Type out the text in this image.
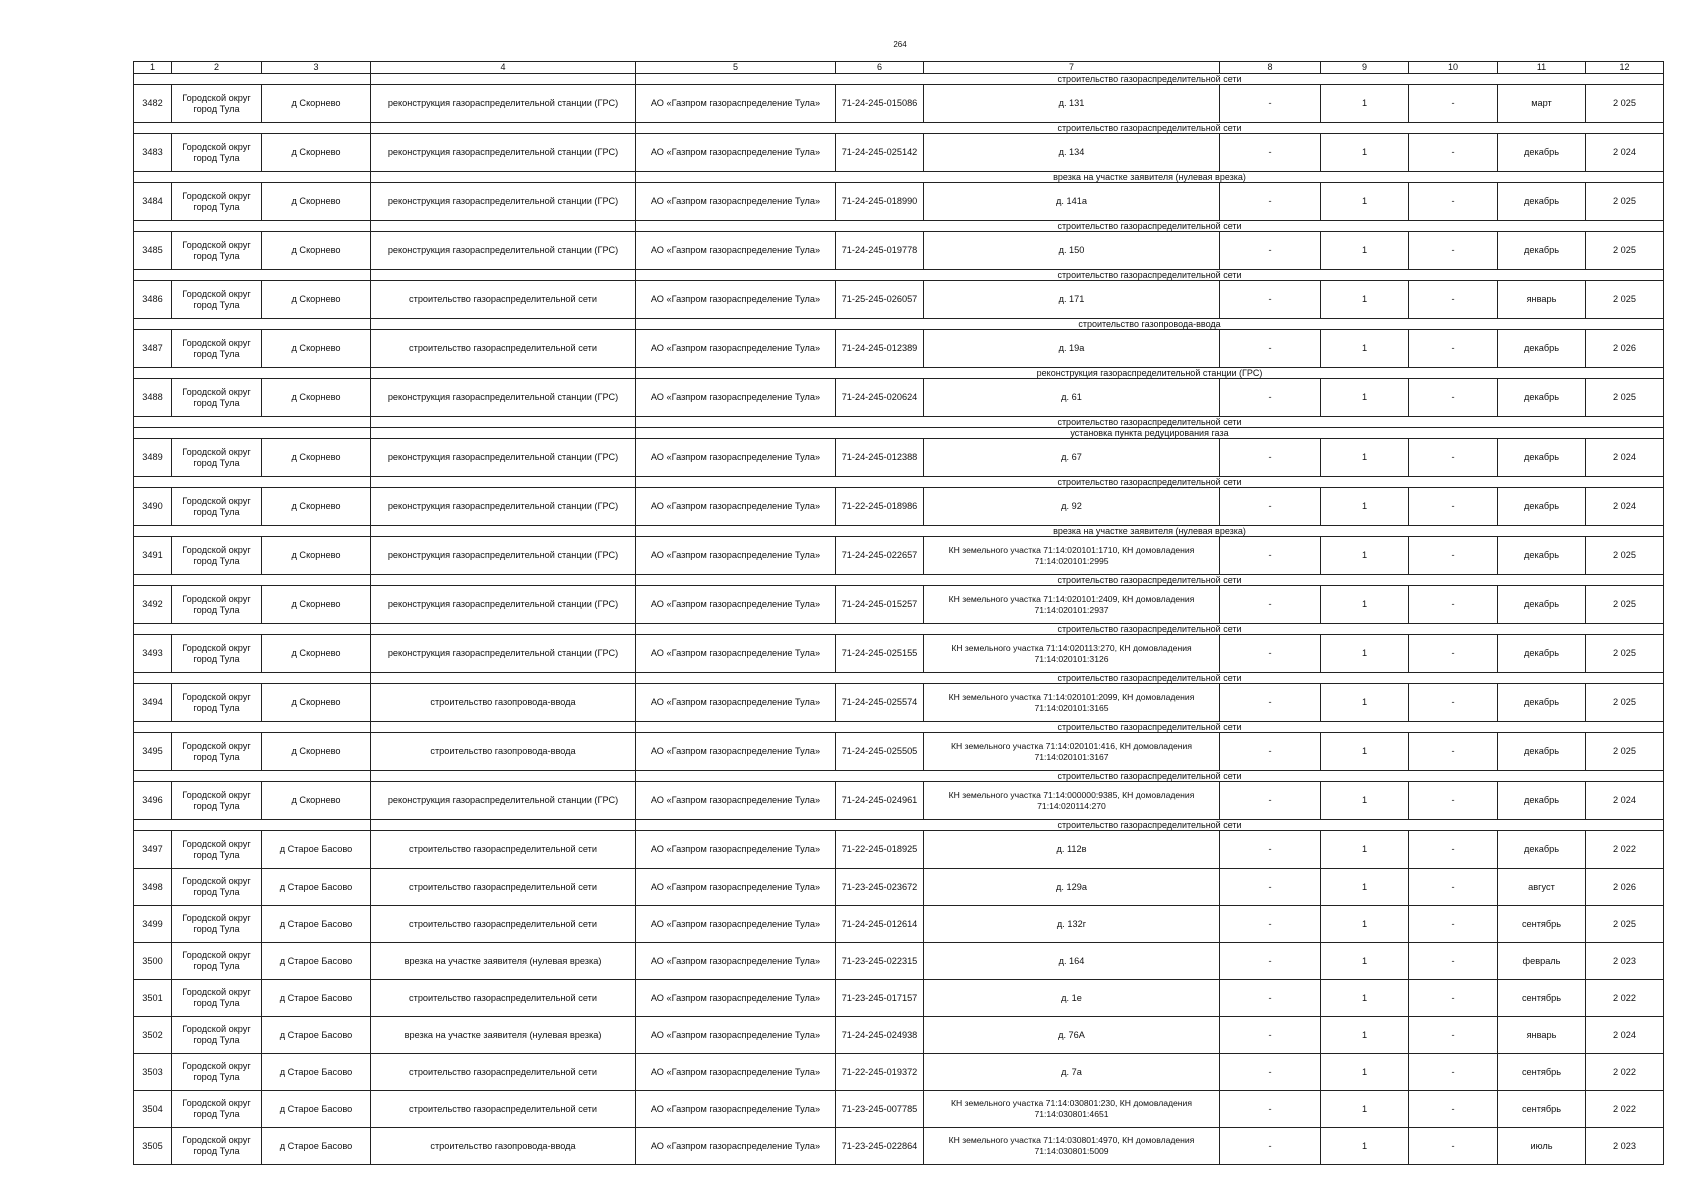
264
1	2	3	4	5	6	7	8	9	10	11	12
				строительство газораспределительной сети							
3482	Городской округ город Тула	д Скорнево	реконструкция газораспределительной станции (ГРС)	АО «Газпром газораспределение Тула»	71-24-245-015086	д. 131	-	1	-	март	2 025
				строительство газораспределительной сети							
3483	Городской округ город Тула	д Скорнево	реконструкция газораспределительной станции (ГРС)	АО «Газпром газораспределение Тула»	71-24-245-025142	д. 134	-	1	-	декабрь	2 024
				врезка на участке заявителя (нулевая врезка)							
3484	Городской округ город Тула	д Скорнево	реконструкция газораспределительной станции (ГРС)	АО «Газпром газораспределение Тула»	71-24-245-018990	д. 141а	-	1	-	декабрь	2 025
				строительство газораспределительной сети							
3485	Городской округ город Тула	д Скорнево	реконструкция газораспределительной станции (ГРС)	АО «Газпром газораспределение Тула»	71-24-245-019778	д. 150	-	1	-	декабрь	2 025
				строительство газораспределительной сети							
3486	Городской округ город Тула	д Скорнево	строительство газораспределительной сети	АО «Газпром газораспределение Тула»	71-25-245-026057	д. 171	-	1	-	январь	2 025
				строительство газопровода-ввода							
3487	Городской округ город Тула	д Скорнево	строительство газораспределительной сети	АО «Газпром газораспределение Тула»	71-24-245-012389	д. 19а	-	1	-	декабрь	2 026
				реконструкция газораспределительной станции (ГРС)							
3488	Городской округ город Тула	д Скорнево	реконструкция газораспределительной станции (ГРС)	АО «Газпром газораспределение Тула»	71-24-245-020624	д. 61	-	1	-	декабрь	2 025
				строительство газораспределительной сети							
				установка пункта редуцирования газа							
3489	Городской округ город Тула	д Скорнево	реконструкция газораспределительной станции (ГРС)	АО «Газпром газораспределение Тула»	71-24-245-012388	д. 67	-	1	-	декабрь	2 024
				строительство газораспределительной сети							
3490	Городской округ город Тула	д Скорнево	реконструкция газораспределительной станции (ГРС)	АО «Газпром газораспределение Тула»	71-22-245-018986	д. 92	-	1	-	декабрь	2 024
				врезка на участке заявителя (нулевая врезка)							
3491	Городской округ город Тула	д Скорнево	реконструкция газораспределительной станции (ГРС)	АО «Газпром газораспределение Тула»	71-24-245-022657	КН земельного участка 71:14:020101:1710, КН домовладения 71:14:020101:2995	-	1	-	декабрь	2 025
				строительство газораспределительной сети							
3492	Городской округ город Тула	д Скорнево	реконструкция газораспределительной станции (ГРС)	АО «Газпром газораспределение Тула»	71-24-245-015257	КН земельного участка 71:14:020101:2409, КН домовладения 71:14:020101:2937	-	1	-	декабрь	2 025
				строительство газораспределительной сети							
3493	Городской округ город Тула	д Скорнево	реконструкция газораспределительной станции (ГРС)	АО «Газпром газораспределение Тула»	71-24-245-025155	КН земельного участка 71:14:020113:270, КН домовладения 71:14:020101:3126	-	1	-	декабрь	2 025
				строительство газораспределительной сети							
3494	Городской округ город Тула	д Скорнево	строительство газопровода-ввода	АО «Газпром газораспределение Тула»	71-24-245-025574	КН земельного участка 71:14:020101:2099, КН домовладения 71:14:020101:3165	-	1	-	декабрь	2 025
				строительство газораспределительной сети							
3495	Городской округ город Тула	д Скорнево	строительство газопровода-ввода	АО «Газпром газораспределение Тула»	71-24-245-025505	КН земельного участка 71:14:020101:416, КН домовладения 71:14:020101:3167	-	1	-	декабрь	2 025
				строительство газораспределительной сети							
3496	Городской округ город Тула	д Скорнево	реконструкция газораспределительной станции (ГРС)	АО «Газпром газораспределение Тула»	71-24-245-024961	КН земельного участка 71:14:000000:9385, КН домовладения 71:14:020114:270	-	1	-	декабрь	2 024
				строительство газораспределительной сети							
3497	Городской округ город Тула	д Старое Басово	строительство газораспределительной сети	АО «Газпром газораспределение Тула»	71-22-245-018925	д. 112в	-	1	-	декабрь	2 022
3498	Городской округ город Тула	д Старое Басово	строительство газораспределительной сети	АО «Газпром газораспределение Тула»	71-23-245-023672	д. 129а	-	1	-	август	2 026
3499	Городской округ город Тула	д Старое Басово	строительство газораспределительной сети	АО «Газпром газораспределение Тула»	71-24-245-012614	д. 132г	-	1	-	сентябрь	2 025
3500	Городской округ город Тула	д Старое Басово	врезка на участке заявителя (нулевая врезка)	АО «Газпром газораспределение Тула»	71-23-245-022315	д. 164	-	1	-	февраль	2 023
3501	Городской округ город Тула	д Старое Басово	строительство газораспределительной сети	АО «Газпром газораспределение Тула»	71-23-245-017157	д. 1е	-	1	-	сентябрь	2 022
3502	Городской округ город Тула	д Старое Басово	врезка на участке заявителя (нулевая врезка)	АО «Газпром газораспределение Тула»	71-24-245-024938	д. 76А	-	1	-	январь	2 024
3503	Городской округ город Тула	д Старое Басово	строительство газораспределительной сети	АО «Газпром газораспределение Тула»	71-22-245-019372	д. 7а	-	1	-	сентябрь	2 022
3504	Городской округ город Тула	д Старое Басово	строительство газораспределительной сети	АО «Газпром газораспределение Тула»	71-23-245-007785	КН земельного участка 71:14:030801:230, КН домовладения 71:14:030801:4651	-	1	-	сентябрь	2 022
3505	Городской округ город Тула	д Старое Басово	строительство газопровода-ввода	АО «Газпром газораспределение Тула»	71-23-245-022864	КН земельного участка 71:14:030801:4970, КН домовладения 71:14:030801:5009	-	1	-	июль	2 023
